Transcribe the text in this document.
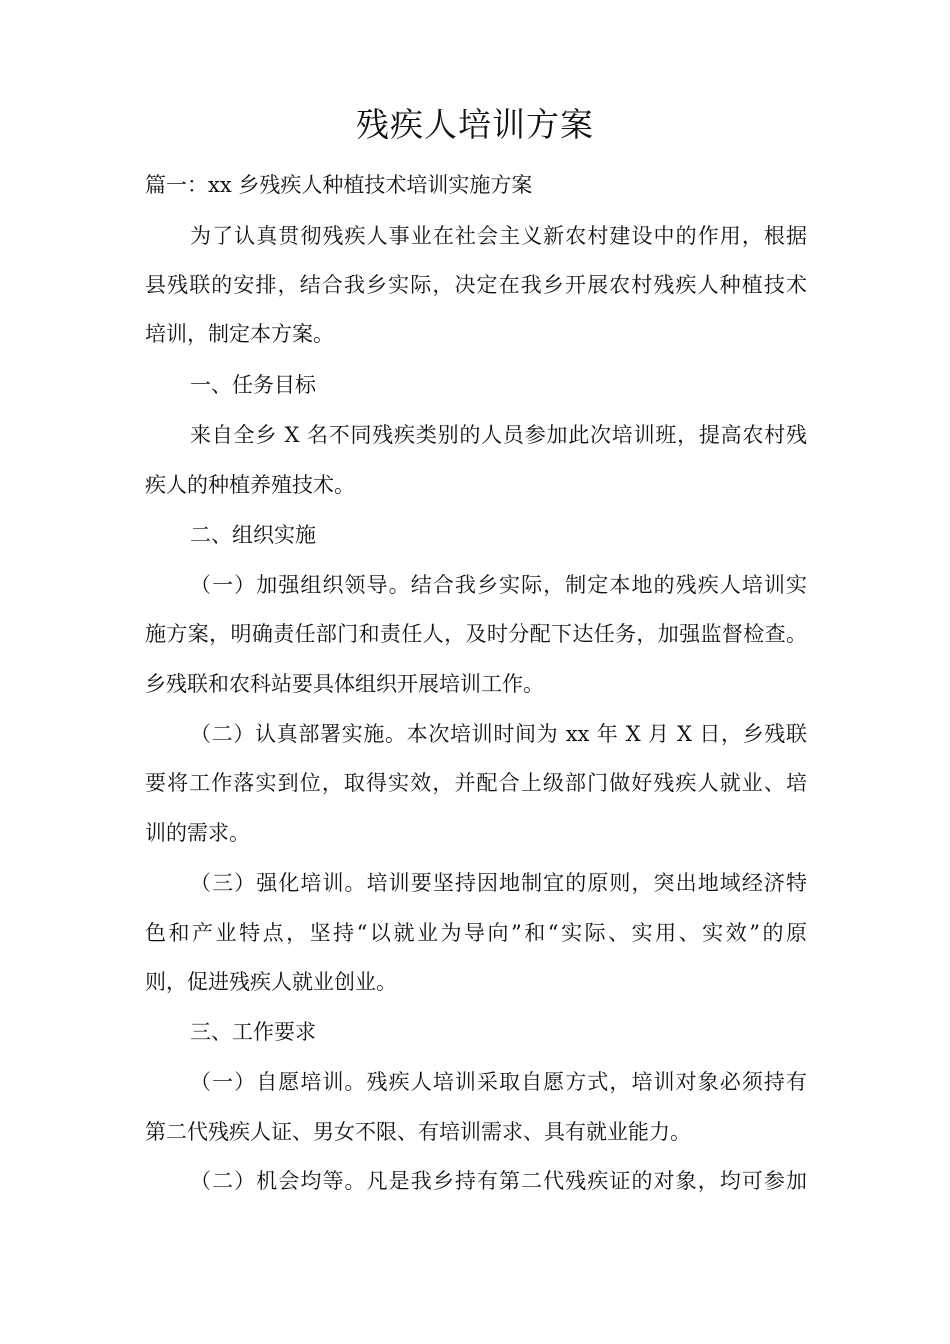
残疾人培训方案
篇一：xx 乡残疾人种植技术培训实施方案
为了认真贯彻残疾人事业在社会主义新农村建设中的作用，根据
县残联的安排，结合我乡实际，决定在我乡开展农村残疾人种植技术
培训，制定本方案。
一、任务目标
来自全乡 X 名不同残疾类别的人员参加此次培训班，提高农村残
疾人的种植养殖技术。
二、组织实施
（一）加强组织领导。结合我乡实际，制定本地的残疾人培训实
施方案，明确责任部门和责任人，及时分配下达任务，加强监督检查。
乡残联和农科站要具体组织开展培训工作。
（二）认真部署实施。本次培训时间为 xx 年 X 月 X 日，乡残联
要将工作落实到位，取得实效，并配合上级部门做好残疾人就业、培
训的需求。
（三）强化培训。培训要坚持因地制宜的原则，突出地域经济特
色和产业特点，坚持“以就业为导向”和“实际、实用、实效”的原
则，促进残疾人就业创业。
三、工作要求
（一）自愿培训。残疾人培训采取自愿方式，培训对象必须持有
第二代残疾人证、男女不限、有培训需求、具有就业能力。
（二）机会均等。凡是我乡持有第二代残疾证的对象，均可参加
